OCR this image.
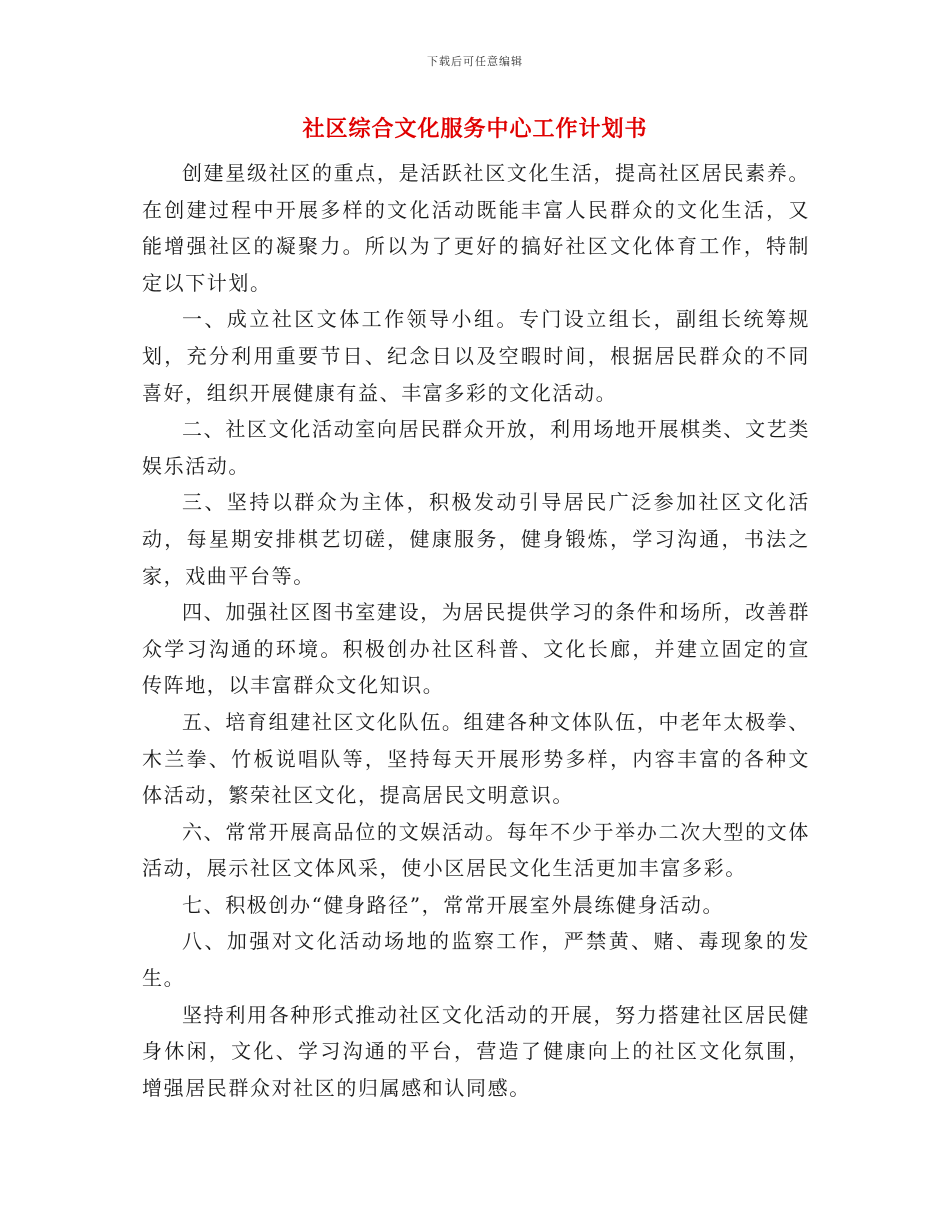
下载后可任意编辑
社区综合文化服务中心工作计划书

创建星级社区的重点，是活跃社区文化生活，提高社区居民素养。在创建过程中开展多样的文化活动既能丰富人民群众的文化生活，又能增强社区的凝聚力。所以为了更好的搞好社区文化体育工作，特制定以下计划。

一、成立社区文体工作领导小组。专门设立组长，副组长统筹规划，充分利用重要节日、纪念日以及空暇时间，根据居民群众的不同喜好，组织开展健康有益、丰富多彩的文化活动。

二、社区文化活动室向居民群众开放，利用场地开展棋类、文艺类娱乐活动。

三、坚持以群众为主体，积极发动引导居民广泛参加社区文化活动，每星期安排棋艺切磋，健康服务，健身锻炼，学习沟通，书法之家，戏曲平台等。

四、加强社区图书室建设，为居民提供学习的条件和场所，改善群众学习沟通的环境。积极创办社区科普、文化长廊，并建立固定的宣传阵地，以丰富群众文化知识。

五、培育组建社区文化队伍。组建各种文体队伍，中老年太极拳、木兰拳、竹板说唱队等，坚持每天开展形势多样，内容丰富的各种文体活动，繁荣社区文化，提高居民文明意识。

六、常常开展高品位的文娱活动。每年不少于举办二次大型的文体活动，展示社区文体风采，使小区居民文化生活更加丰富多彩。

七、积极创办“健身路径”，常常开展室外晨练健身活动。

八、加强对文化活动场地的监察工作，严禁黄、赌、毒现象的发生。

坚持利用各种形式推动社区文化活动的开展，努力搭建社区居民健身休闲，文化、学习沟通的平台，营造了健康向上的社区文化氛围，增强居民群众对社区的归属感和认同感。
